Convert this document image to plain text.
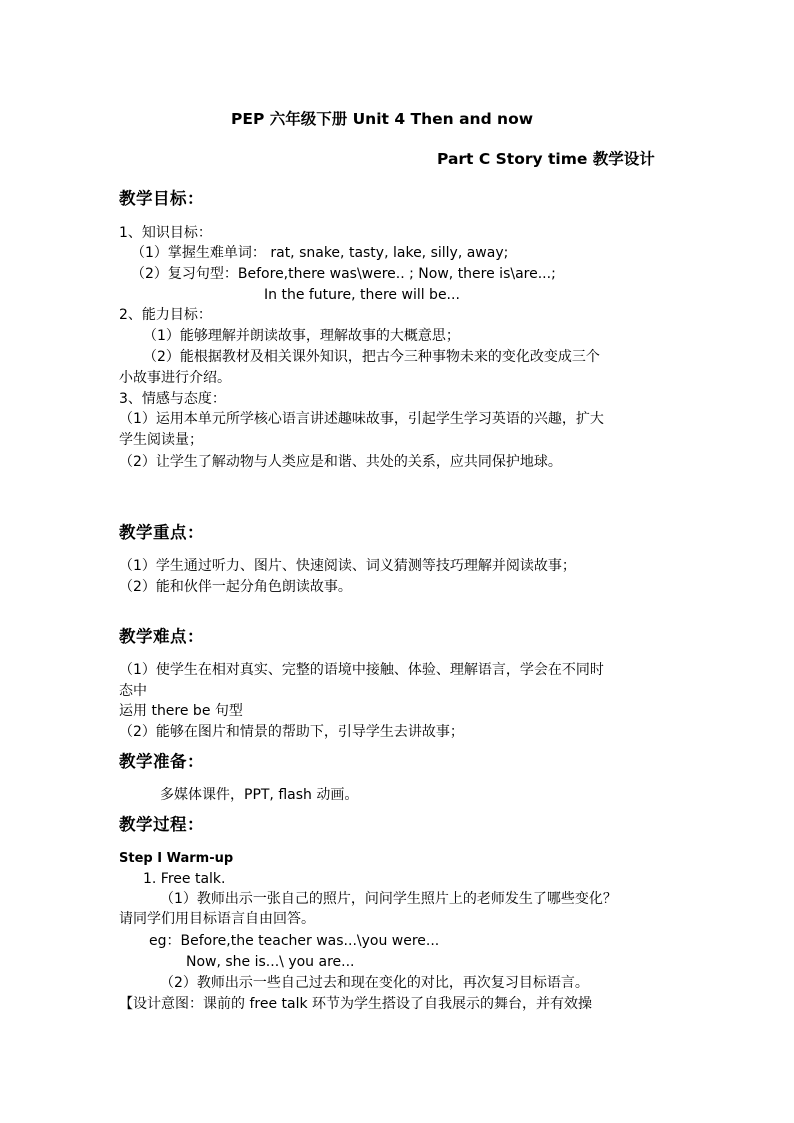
PEP 六年级下册 Unit 4 Then and now
Part C Story time 教学设计
教学目标：
1、知识目标：
（1）掌握生难单词： rat, snake, tasty, lake, silly, away;
（2）复习句型：Before,there was\were.. ; Now, there is\are...;
In the future, there will be...
2、能力目标：
（1）能够理解并朗读故事，理解故事的大概意思；
（2）能根据教材及相关课外知识，把古今三种事物未来的变化改变成三个
小故事进行介绍。
3、情感与态度：
（1）运用本单元所学核心语言讲述趣味故事，引起学生学习英语的兴趣，扩大
学生阅读量；
（2）让学生了解动物与人类应是和谐、共处的关系，应共同保护地球。
教学重点：
（1）学生通过听力、图片、快速阅读、词义猜测等技巧理解并阅读故事；
（2）能和伙伴一起分角色朗读故事。
教学难点：
（1）使学生在相对真实、完整的语境中接触、体验、理解语言，学会在不同时
态中
运用 there be 句型
（2）能够在图片和情景的帮助下，引导学生去讲故事；
教学准备：
多媒体课件，PPT, flash 动画。
教学过程：
Step Ⅰ Warm-up
1. Free talk.
（1）教师出示一张自己的照片，问问学生照片上的老师发生了哪些变化？
请同学们用目标语言自由回答。
eg：Before,the teacher was...\you were...
Now, she is...\ you are...
（2）教师出示一些自己过去和现在变化的对比，再次复习目标语言。
【设计意图：课前的 free talk 环节为学生搭设了自我展示的舞台，并有效操
